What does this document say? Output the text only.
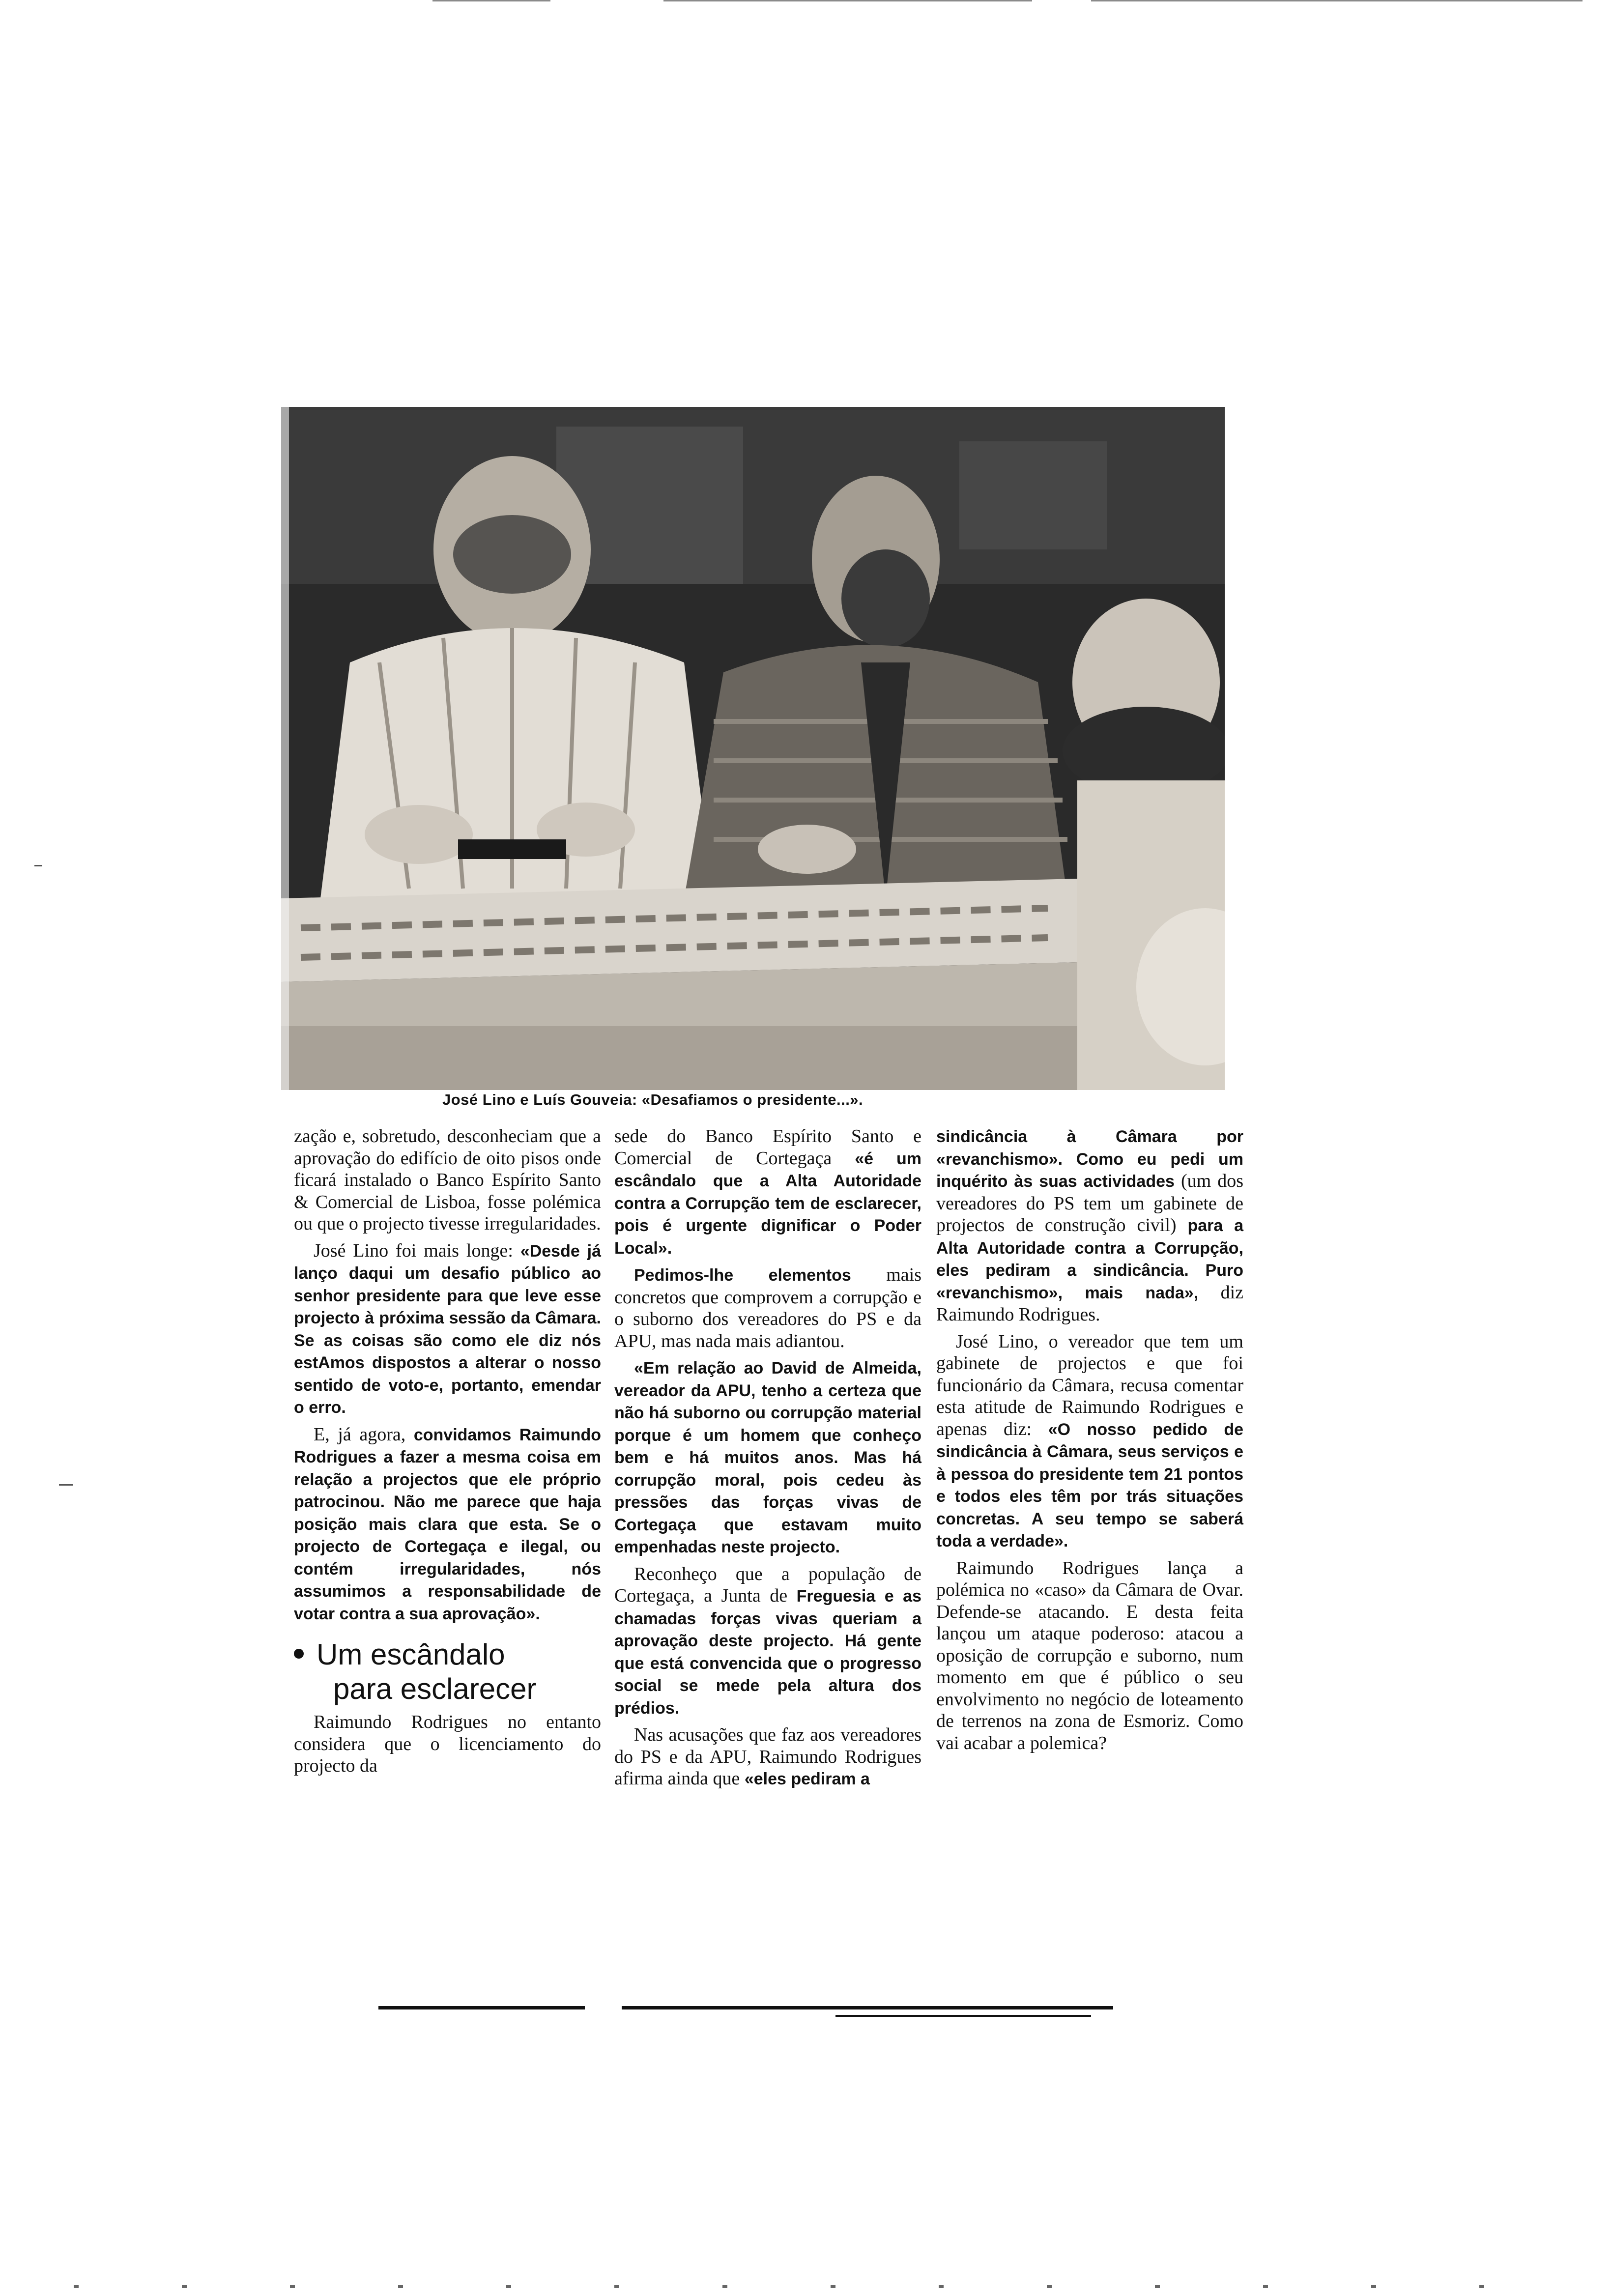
José Lino e Luís Gouveia: «Desafiamos o presidente...».

zação e, sobretudo, desconheciam que a aprovação do edifício de oito pisos onde ficará instalado o Banco Espírito Santo & Comercial de Lisboa, fosse polémica ou que o projecto tivesse irregularidades.

José Lino foi mais longe: «Desde já lanço daqui um desafio público ao senhor presidente para que leve esse projecto à próxima sessão da Câmara. Se as coisas são como ele diz nós estAmos dispostos a alterar o nosso sentido de voto-e, portanto, emendar o erro.

E, já agora, convidamos Raimundo Rodrigues a fazer a mesma coisa em relação a projectos que ele próprio patrocinou. Não me parece que haja posição mais clara que esta. Se o projecto de Cortegaça e ilegal, ou contém irregularidades, nós assumimos a responsabilidade de votar contra a sua aprovação».

Um escândalo
para esclarecer

Raimundo Rodrigues no entanto considera que o licenciamento do projecto da

sede do Banco Espírito Santo e Comercial de Cortegaça «é um escândalo que a Alta Autoridade contra a Corrupção tem de esclarecer, pois é urgente dignificar o Poder Local».

Pedimos-lhe elementos mais concretos que comprovem a corrupção e o suborno dos vereadores do PS e da APU, mas nada mais adiantou.

«Em relação ao David de Almeida, vereador da APU, tenho a certeza que não há suborno ou corrupção material porque é um homem que conheço bem e há muitos anos. Mas há corrupção moral, pois cedeu às pressões das forças vivas de Cortegaça que estavam muito empenhadas neste projecto.

Reconheço que a população de Cortegaça, a Junta de Freguesia e as chamadas forças vivas queriam a aprovação deste projecto. Há gente que está convencida que o progresso social se mede pela altura dos prédios.

Nas acusações que faz aos vereadores do PS e da APU, Raimundo Rodrigues afirma ainda que «eles pediram a

sindicância à Câmara por «revanchismo». Como eu pedi um inquérito às suas actividades (um dos vereadores do PS tem um gabinete de projectos de construção civil) para a Alta Autoridade contra a Corrupção, eles pediram a sindicância. Puro «revanchismo», mais nada», diz Raimundo Rodrigues.

José Lino, o vereador que tem um gabinete de projectos e que foi funcionário da Câmara, recusa comentar esta atitude de Raimundo Rodrigues e apenas diz: «O nosso pedido de sindicância à Câmara, seus serviços e à pessoa do presidente tem 21 pontos e todos eles têm por trás situações concretas. A seu tempo se saberá toda a verdade».

Raimundo Rodrigues lança a polémica no «caso» da Câmara de Ovar. Defende-se atacando. E desta feita lançou um ataque poderoso: atacou a oposição de corrupção e suborno, num momento em que é público o seu envolvimento no negócio de loteamento de terrenos na zona de Esmoriz. Como vai acabar a polemica?
